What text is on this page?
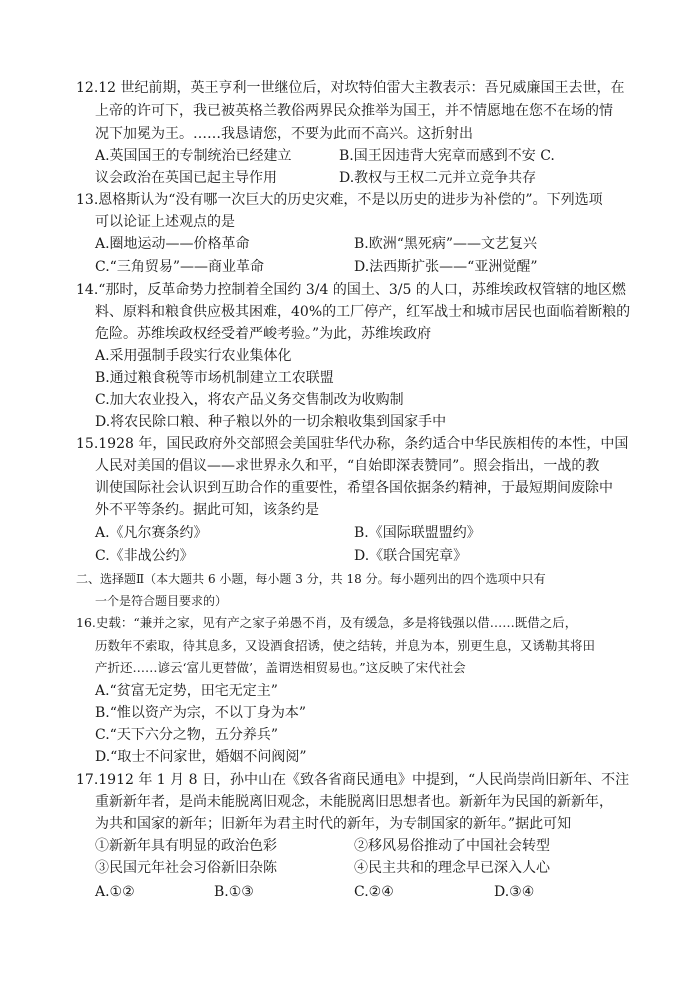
12.12 世纪前期，英王亨利一世继位后，对坎特伯雷大主教表示：吾兄威廉国王去世，在
上帝的许可下，我已被英格兰教俗两界民众推举为国王，并不情愿地在您不在场的情
况下加冕为王。……我恳请您，不要为此而不高兴。这折射出
A.英国国王的专制统治已经建立	B.国王因违背大宪章而感到不安 C.
议会政治在英国已起主导作用	D.教权与王权二元并立竞争共存
13.恩格斯认为“没有哪一次巨大的历史灾难，不是以历史的进步为补偿的”。下列选项
可以论证上述观点的是
A.圈地运动——价格革命	B.欧洲“黑死病”——文艺复兴
C.“三角贸易”——商业革命	D.法西斯扩张——“亚洲觉醒”
14.“那时，反革命势力控制着全国约 3/4 的国土、3/5 的人口，苏维埃政权管辖的地区燃
料、原料和粮食供应极其困难，40%的工厂停产，红军战士和城市居民也面临着断粮的
危险。苏维埃政权经受着严峻考验。”为此，苏维埃政府
A.采用强制手段实行农业集体化
B.通过粮食税等市场机制建立工农联盟
C.加大农业投入，将农产品义务交售制改为收购制
D.将农民除口粮、种子粮以外的一切余粮收集到国家手中
15.1928 年，国民政府外交部照会美国驻华代办称，条约适合中华民族相传的本性，中国
人民对美国的倡议——求世界永久和平，“自始即深表赞同”。照会指出，一战的教
训使国际社会认识到互助合作的重要性，希望各国依据条约精神，于最短期间废除中
外不平等条约。据此可知，该条约是
A.《凡尔赛条约》	B.《国际联盟盟约》
C.《非战公约》	D.《联合国宪章》
二、选择题Ⅱ（本大题共 6 小题，每小题 3 分，共 18 分。每小题列出的四个选项中只有
一个是符合题目要求的）
16.史载：“兼并之家，见有产之家子弟愚不肖，及有缓急，多是将钱强以借……既借之后，
历数年不索取，待其息多，又设酒食招诱，使之结转，并息为本，别更生息，又诱勒其将田
产折还……谚云‘富儿更替做’，盖谓迭相贸易也。”这反映了宋代社会
A.“贫富无定势，田宅无定主”
B.“惟以资产为宗，不以丁身为本”
C.“天下六分之物，五分养兵”
D.“取士不问家世，婚姻不问阀阅”
17.1912 年 1 月 8 日，孙中山在《致各省商民通电》中提到，“人民尚崇尚旧新年、不注
重新新年者，是尚未能脱离旧观念，未能脱离旧思想者也。新新年为民国的新新年，
为共和国家的新年；旧新年为君主时代的新年，为专制国家的新年。”据此可知
①新新年具有明显的政治色彩	②移风易俗推动了中国社会转型
③民国元年社会习俗新旧杂陈	④民主共和的理念早已深入人心
A.①②	B.①③	C.②④	D.③④
